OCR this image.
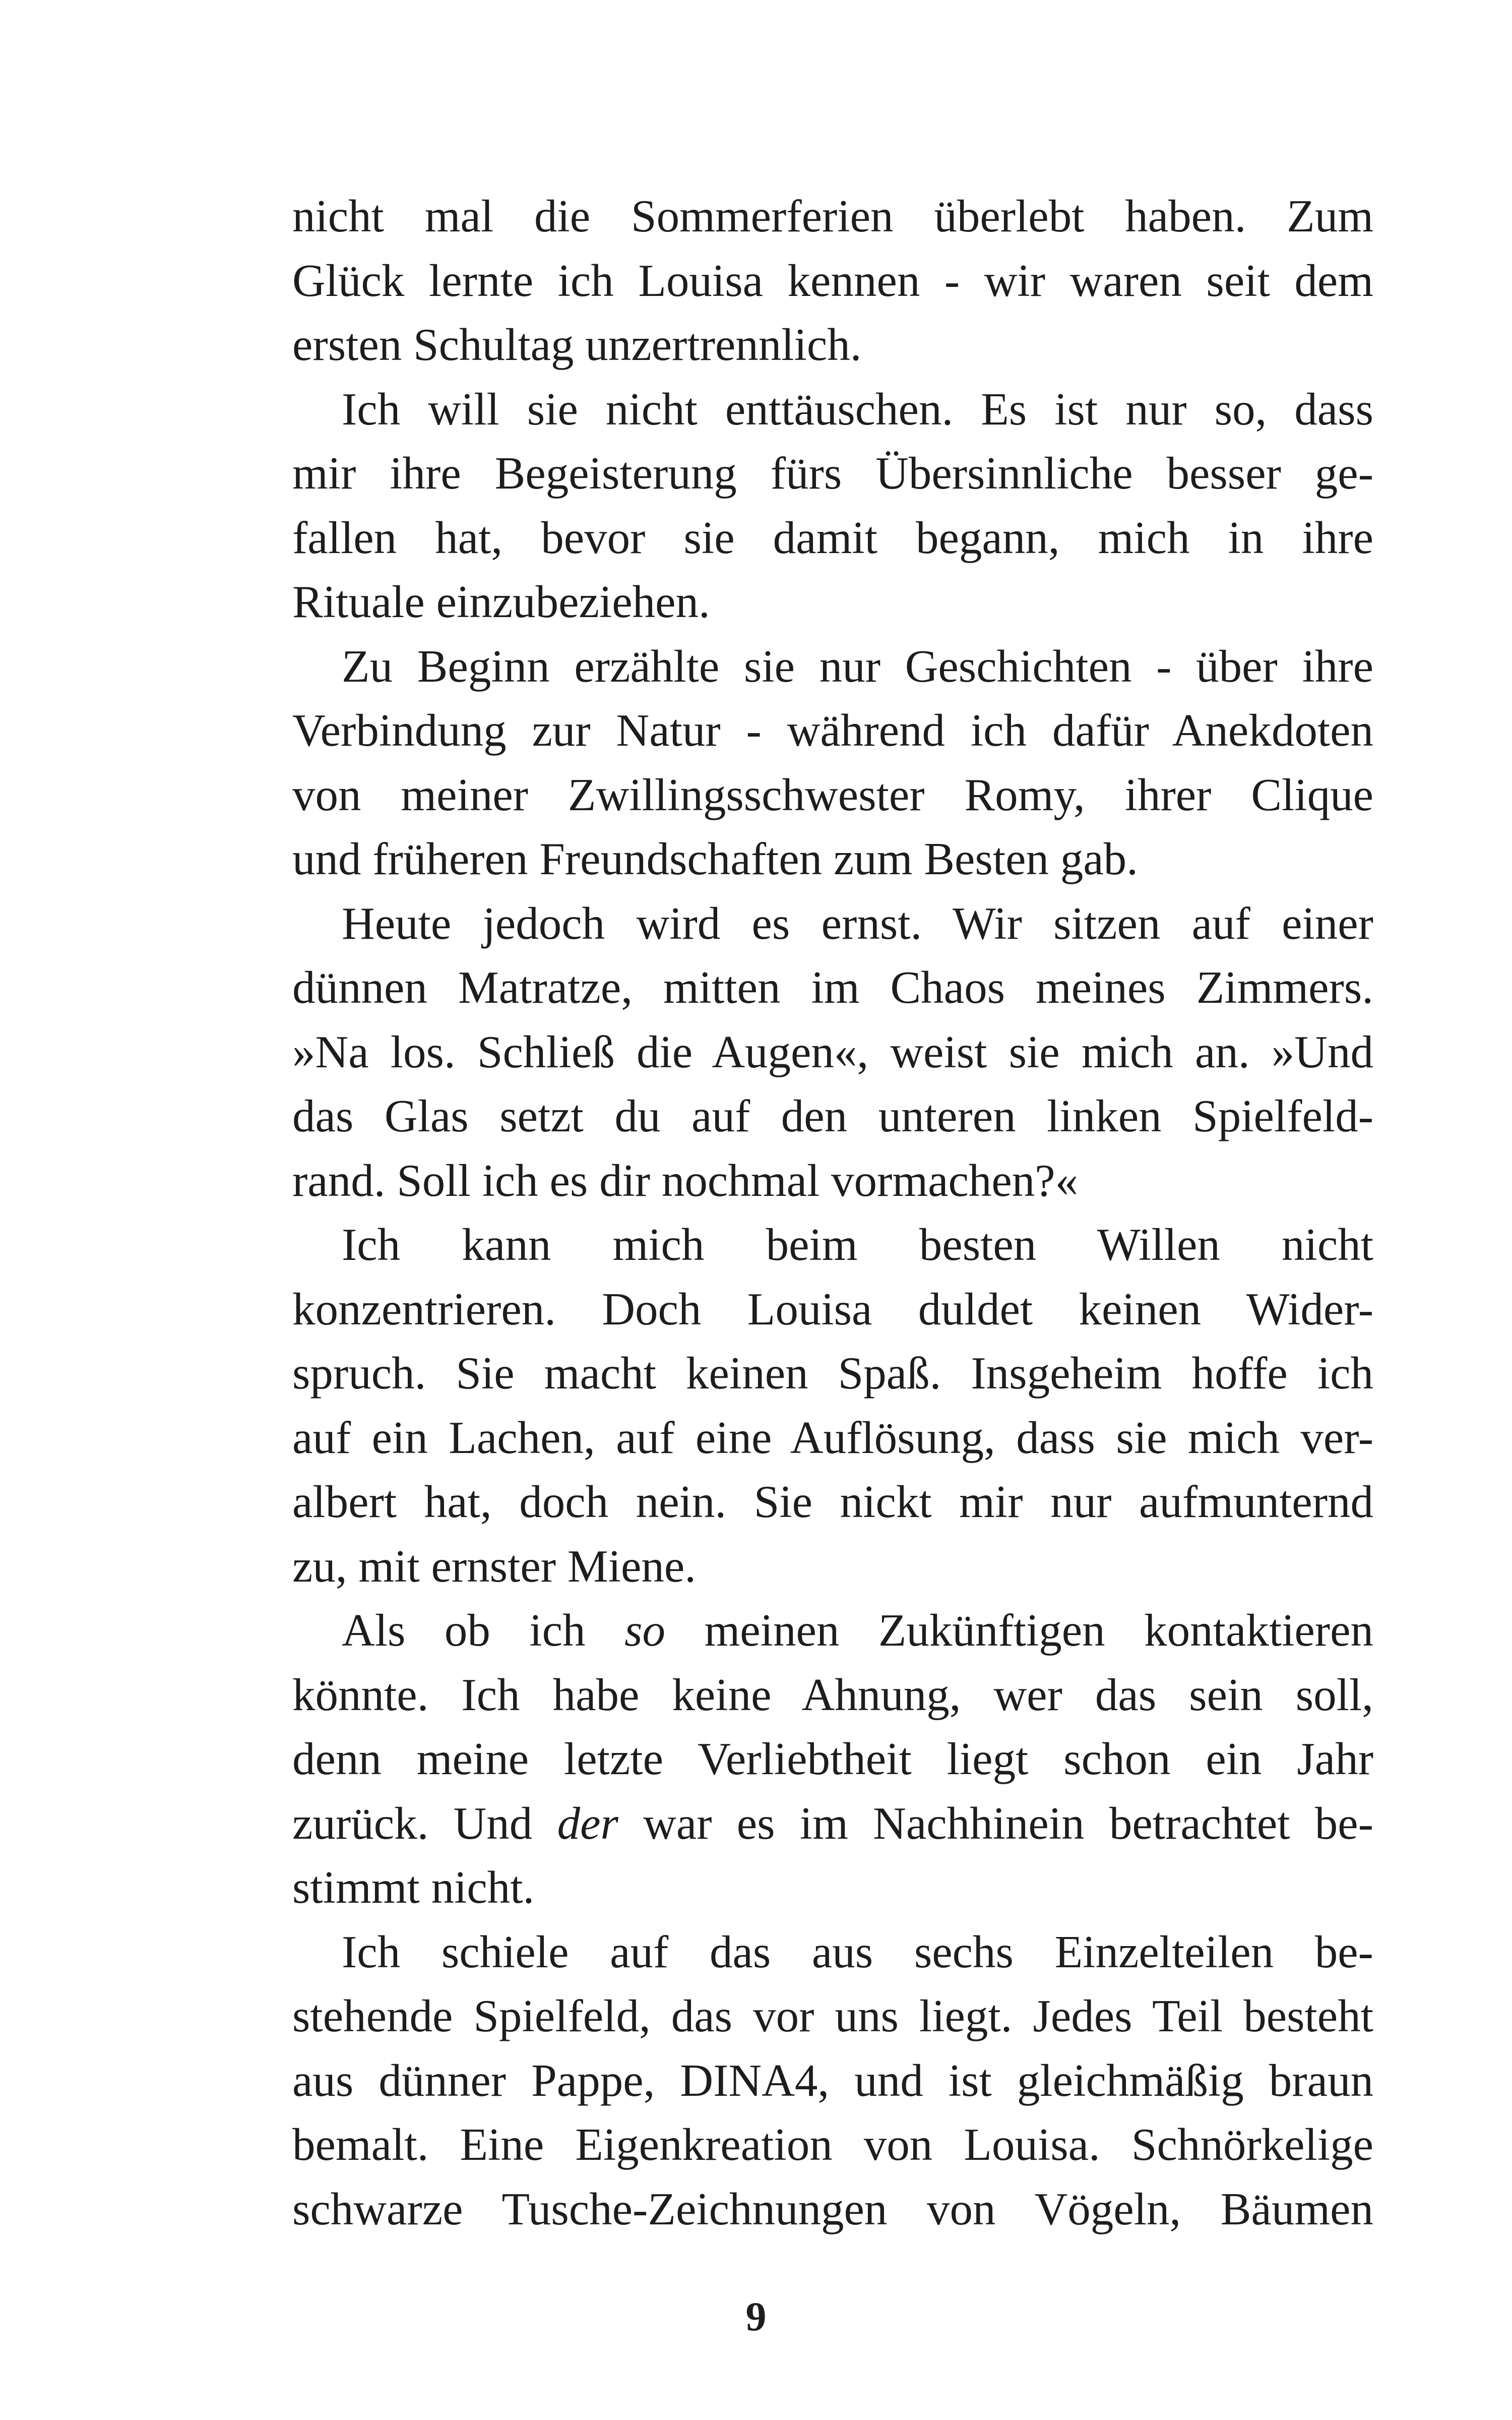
nicht mal die Sommerferien überlebt haben. Zum
Glück lernte ich Louisa kennen - wir waren seit dem
ersten Schultag unzertrennlich.
Ich will sie nicht enttäuschen. Es ist nur so, dass
mir ihre Begeisterung fürs Übersinnliche besser ge-
fallen hat, bevor sie damit begann, mich in ihre
Rituale einzubeziehen.
Zu Beginn erzählte sie nur Geschichten - über ihre
Verbindung zur Natur - während ich dafür Anekdoten
von meiner Zwillingsschwester Romy, ihrer Clique
und früheren Freundschaften zum Besten gab.
Heute jedoch wird es ernst. Wir sitzen auf einer
dünnen Matratze, mitten im Chaos meines Zimmers.
»Na los. Schließ die Augen«, weist sie mich an. »Und
das Glas setzt du auf den unteren linken Spielfeld-
rand. Soll ich es dir nochmal vormachen?«
Ich kann mich beim besten Willen nicht
konzentrieren. Doch Louisa duldet keinen Wider-
spruch. Sie macht keinen Spaß. Insgeheim hoffe ich
auf ein Lachen, auf eine Auflösung, dass sie mich ver-
albert hat, doch nein. Sie nickt mir nur aufmunternd
zu, mit ernster Miene.
Als ob ich so meinen Zukünftigen kontaktieren
könnte. Ich habe keine Ahnung, wer das sein soll,
denn meine letzte Verliebtheit liegt schon ein Jahr
zurück. Und der war es im Nachhinein betrachtet be-
stimmt nicht.
Ich schiele auf das aus sechs Einzelteilen be-
stehende Spielfeld, das vor uns liegt. Jedes Teil besteht
aus dünner Pappe, DINA4, und ist gleichmäßig braun
bemalt. Eine Eigenkreation von Louisa. Schnörkelige
schwarze Tusche-Zeichnungen von Vögeln, Bäumen
9
